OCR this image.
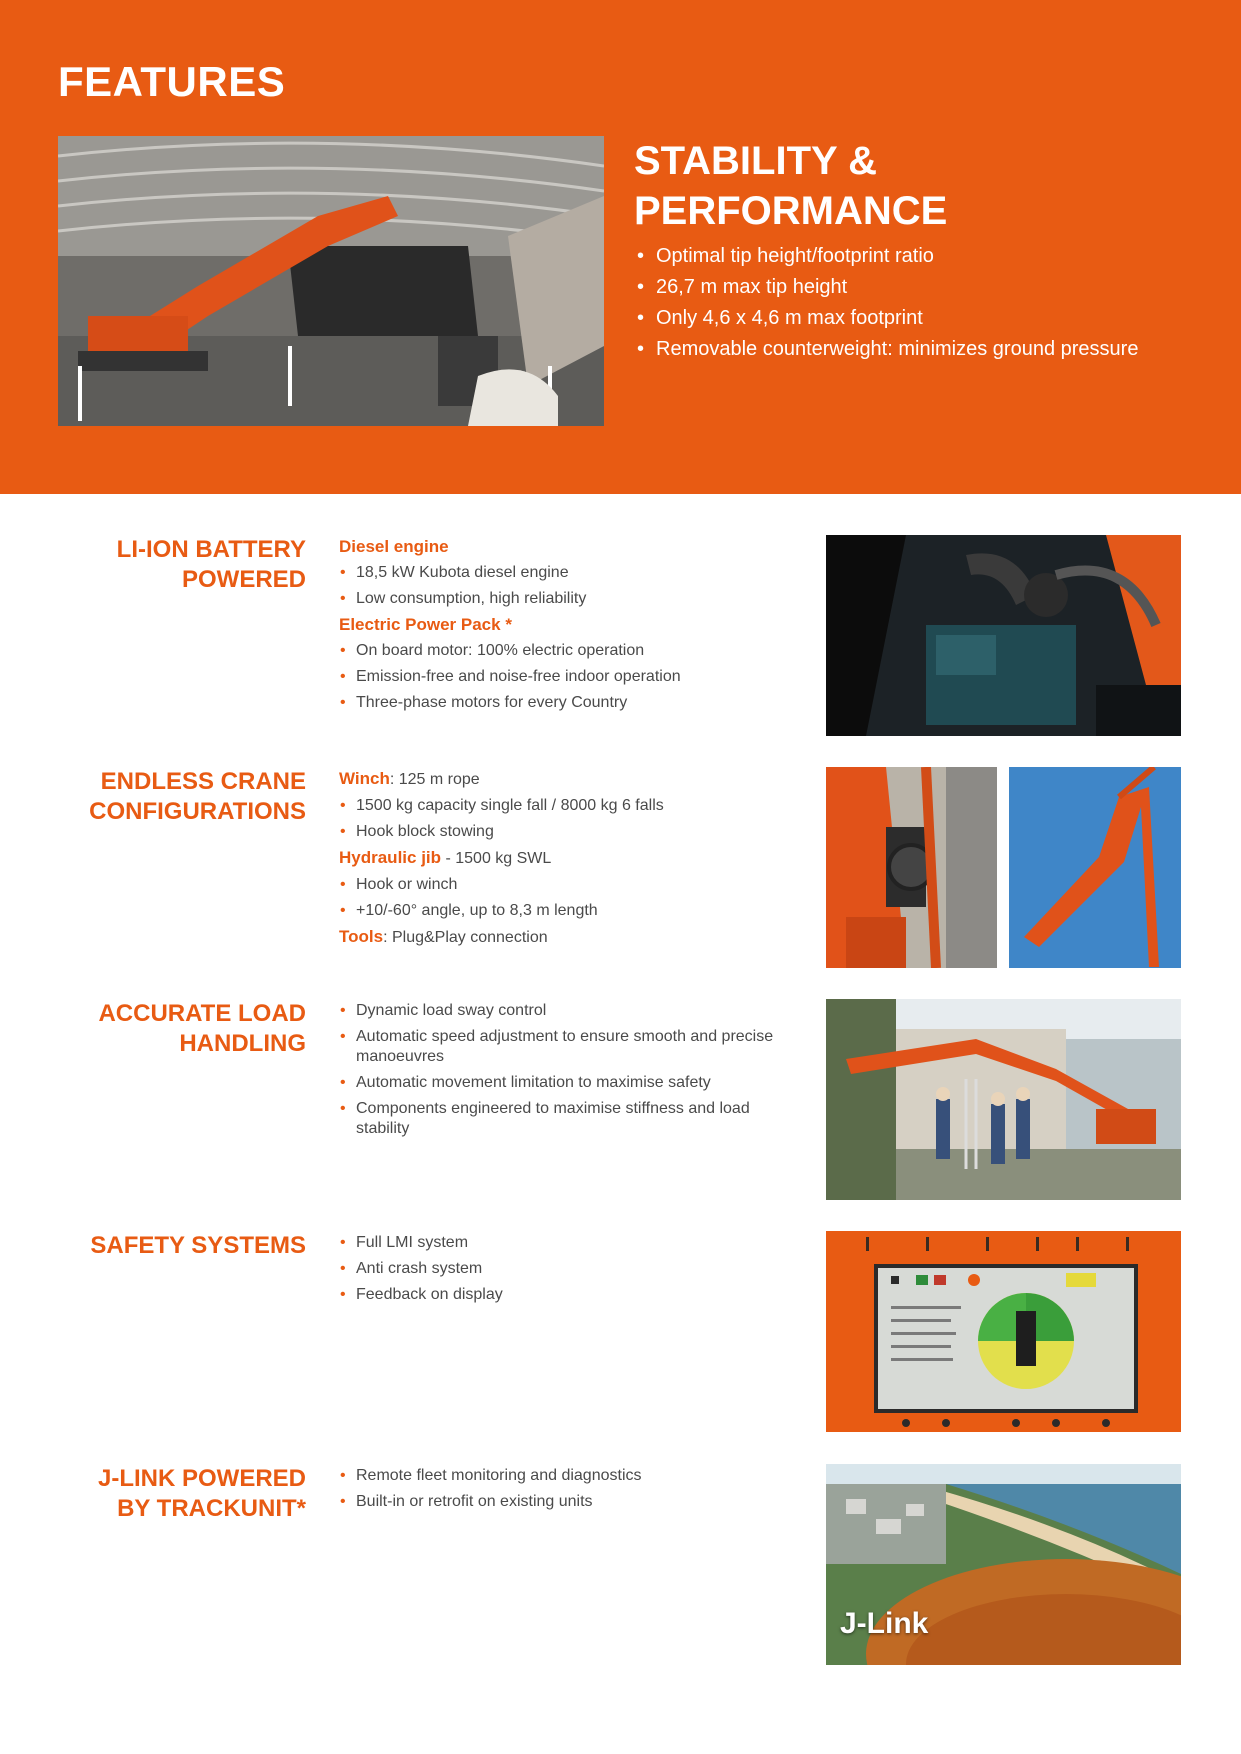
FEATURES
STABILITY &
PERFORMANCE
• Optimal tip height/footprint ratio
• 26,7 m max tip height
• Only 4,6 x 4,6 m max footprint
• Removable counterweight: minimizes ground pressure
LI-ION BATTERY
POWERED
Diesel engine
• 18,5 kW Kubota diesel engine
• Low consumption, high reliability
Electric Power Pack *
• On board motor: 100% electric operation
• Emission-free and noise-free indoor operation
• Three-phase motors for every Country
ENDLESS CRANE
CONFIGURATIONS
Winch: 125 m rope
• 1500 kg capacity single fall / 8000 kg 6 falls
• Hook block stowing
Hydraulic jib - 1500 kg SWL
• Hook or winch
• +10/-60° angle, up to 8,3 m length
Tools: Plug&Play connection
ACCURATE LOAD
HANDLING
• Dynamic load sway control
• Automatic speed adjustment to ensure smooth and precise manoeuvres
• Automatic movement limitation to maximise safety
• Components engineered to maximise stiffness and load stability
SAFETY SYSTEMS
•	Full LMI system
• Anti crash system
• Feedback on display
J-LINK POWERED
BY TRACKUNIT*
• Remote fleet monitoring and diagnostics
• Built-in or retrofit on existing units
J-Link
